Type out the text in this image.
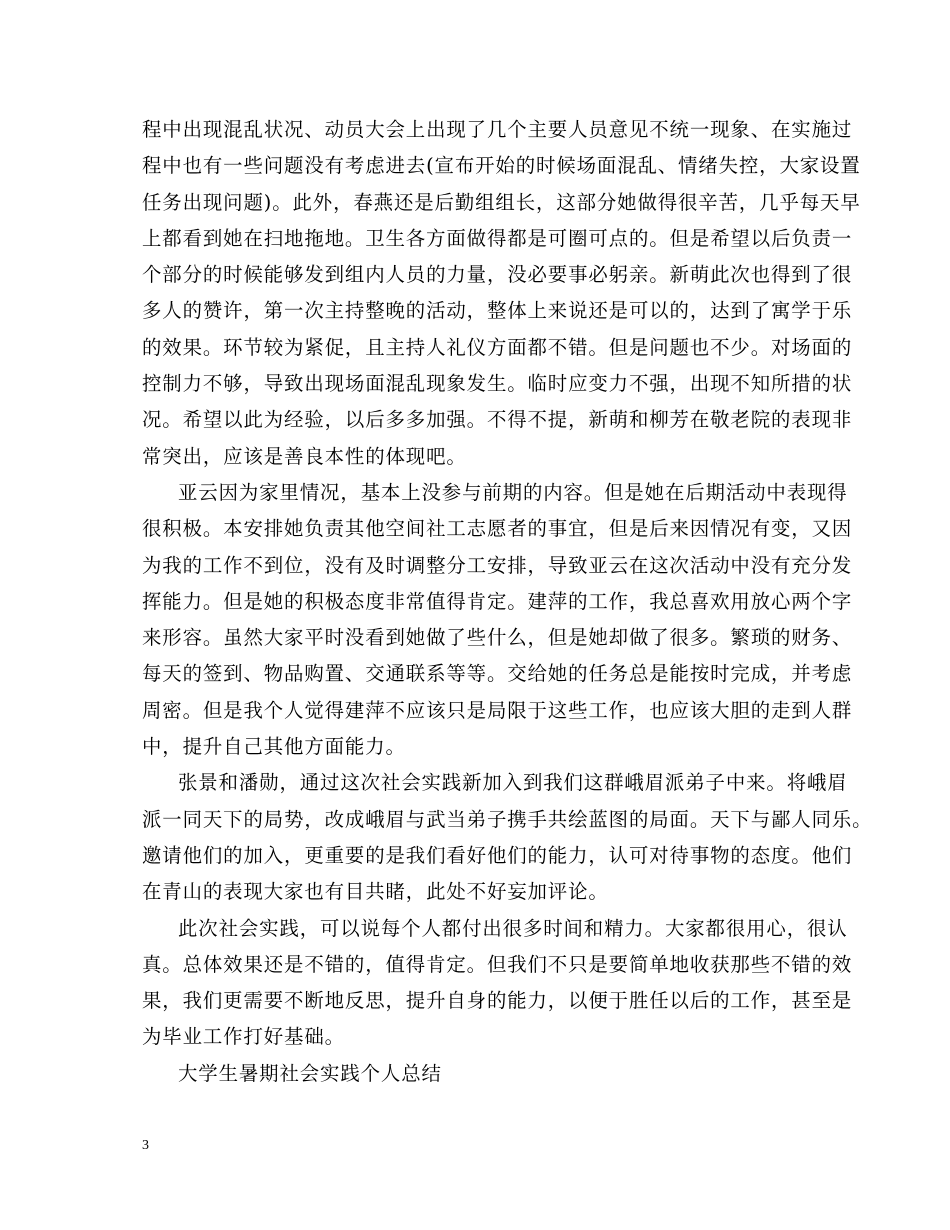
程中出现混乱状况、动员大会上出现了几个主要人员意见不统一现象、在实施过
程中也有一些问题没有考虑进去(宣布开始的时候场面混乱、情绪失控，大家设置
任务出现问题)。此外，春燕还是后勤组组长，这部分她做得很辛苦，几乎每天早
上都看到她在扫地拖地。卫生各方面做得都是可圈可点的。但是希望以后负责一
个部分的时候能够发到组内人员的力量，没必要事必躬亲。新萌此次也得到了很
多人的赞许，第一次主持整晚的活动，整体上来说还是可以的，达到了寓学于乐
的效果。环节较为紧促，且主持人礼仪方面都不错。但是问题也不少。对场面的
控制力不够，导致出现场面混乱现象发生。临时应变力不强，出现不知所措的状
况。希望以此为经验，以后多多加强。不得不提，新萌和柳芳在敬老院的表现非
常突出，应该是善良本性的体现吧。
亚云因为家里情况，基本上没参与前期的内容。但是她在后期活动中表现得
很积极。本安排她负责其他空间社工志愿者的事宜，但是后来因情况有变，又因
为我的工作不到位，没有及时调整分工安排，导致亚云在这次活动中没有充分发
挥能力。但是她的积极态度非常值得肯定。建萍的工作，我总喜欢用放心两个字
来形容。虽然大家平时没看到她做了些什么，但是她却做了很多。繁琐的财务、
每天的签到、物品购置、交通联系等等。交给她的任务总是能按时完成，并考虑
周密。但是我个人觉得建萍不应该只是局限于这些工作，也应该大胆的走到人群
中，提升自己其他方面能力。
张景和潘勋，通过这次社会实践新加入到我们这群峨眉派弟子中来。将峨眉
派一同天下的局势，改成峨眉与武当弟子携手共绘蓝图的局面。天下与鄙人同乐。
邀请他们的加入，更重要的是我们看好他们的能力，认可对待事物的态度。他们
在青山的表现大家也有目共睹，此处不好妄加评论。
此次社会实践，可以说每个人都付出很多时间和精力。大家都很用心，很认
真。总体效果还是不错的，值得肯定。但我们不只是要简单地收获那些不错的效
果，我们更需要不断地反思，提升自身的能力，以便于胜任以后的工作，甚至是
为毕业工作打好基础。
大学生暑期社会实践个人总结
3
